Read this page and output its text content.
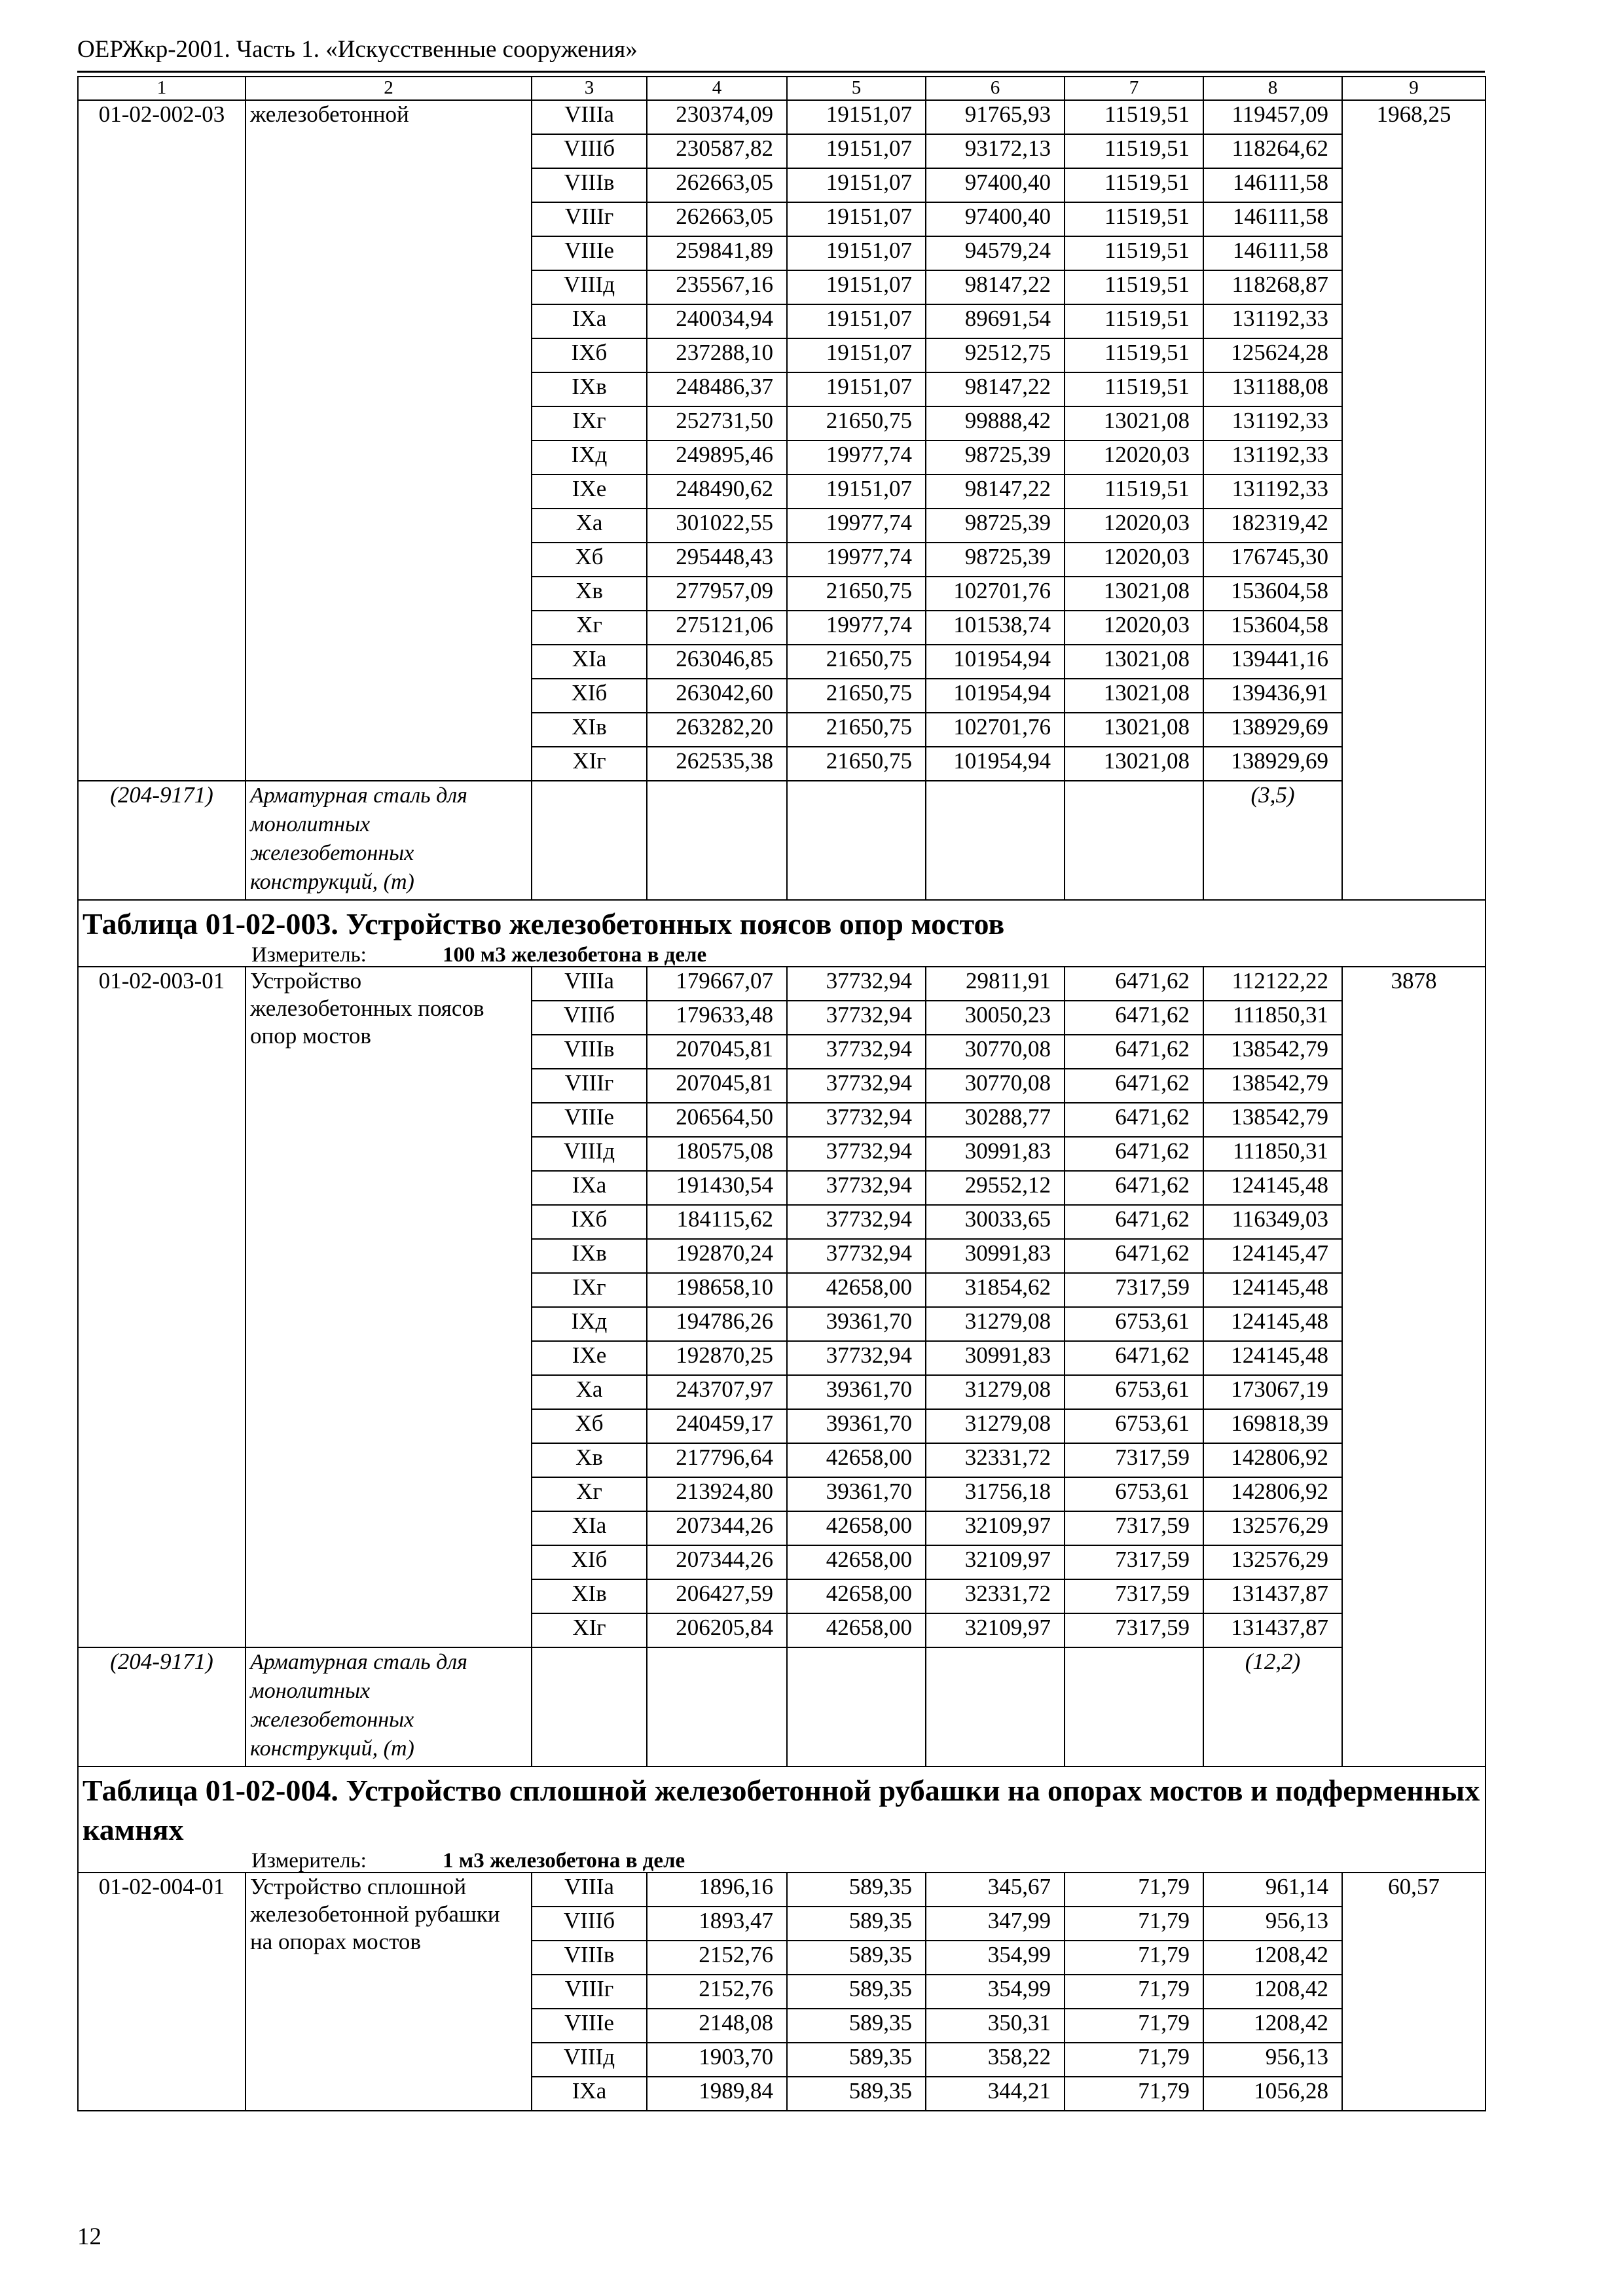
ОЕРЖкр-2001. Часть 1. «Искусственные сооружения»
1	2	3	4	5	6	7	8	9
01-02-002-03	железобетонной	VIIIа	230374,09	19151,07	91765,93	11519,51	119457,09	1968,25
		VIIIб	230587,82	19151,07	93172,13	11519,51	118264,62	
		VIIIв	262663,05	19151,07	97400,40	11519,51	146111,58	
		VIIIг	262663,05	19151,07	97400,40	11519,51	146111,58	
		VIIIе	259841,89	19151,07	94579,24	11519,51	146111,58	
		VIIIд	235567,16	19151,07	98147,22	11519,51	118268,87	
		IXа	240034,94	19151,07	89691,54	11519,51	131192,33	
		IXб	237288,10	19151,07	92512,75	11519,51	125624,28	
		IXв	248486,37	19151,07	98147,22	11519,51	131188,08	
		IXг	252731,50	21650,75	99888,42	13021,08	131192,33	
		IXд	249895,46	19977,74	98725,39	12020,03	131192,33	
		IXе	248490,62	19151,07	98147,22	11519,51	131192,33	
		Xа	301022,55	19977,74	98725,39	12020,03	182319,42	
		Xб	295448,43	19977,74	98725,39	12020,03	176745,30	
		Xв	277957,09	21650,75	102701,76	13021,08	153604,58	
		Xг	275121,06	19977,74	101538,74	12020,03	153604,58	
		XIа	263046,85	21650,75	101954,94	13021,08	139441,16	
		XIб	263042,60	21650,75	101954,94	13021,08	139436,91	
		XIв	263282,20	21650,75	102701,76	13021,08	138929,69	
		XIг	262535,38	21650,75	101954,94	13021,08	138929,69	
(204-9171)	Арматурная сталь для монолитных железобетонных конструкций, (т)						(3,5)	
Таблица 01-02-003. Устройство железобетонных поясов опор мостов								
Измеритель: 100 м3 железобетона в деле								
01-02-003-01	Устройство железобетонных поясов опор мостов	VIIIа	179667,07	37732,94	29811,91	6471,62	112122,22	3878
		VIIIб	179633,48	37732,94	30050,23	6471,62	111850,31	
		VIIIв	207045,81	37732,94	30770,08	6471,62	138542,79	
		VIIIг	207045,81	37732,94	30770,08	6471,62	138542,79	
		VIIIе	206564,50	37732,94	30288,77	6471,62	138542,79	
		VIIIд	180575,08	37732,94	30991,83	6471,62	111850,31	
		IXа	191430,54	37732,94	29552,12	6471,62	124145,48	
		IXб	184115,62	37732,94	30033,65	6471,62	116349,03	
		IXв	192870,24	37732,94	30991,83	6471,62	124145,47	
		IXг	198658,10	42658,00	31854,62	7317,59	124145,48	
		IXд	194786,26	39361,70	31279,08	6753,61	124145,48	
		IXе	192870,25	37732,94	30991,83	6471,62	124145,48	
		Xа	243707,97	39361,70	31279,08	6753,61	173067,19	
		Xб	240459,17	39361,70	31279,08	6753,61	169818,39	
		Xв	217796,64	42658,00	32331,72	7317,59	142806,92	
		Xг	213924,80	39361,70	31756,18	6753,61	142806,92	
		XIа	207344,26	42658,00	32109,97	7317,59	132576,29	
		XIб	207344,26	42658,00	32109,97	7317,59	132576,29	
		XIв	206427,59	42658,00	32331,72	7317,59	131437,87	
		XIг	206205,84	42658,00	32109,97	7317,59	131437,87	
(204-9171)	Арматурная сталь для монолитных железобетонных конструкций, (т)						(12,2)	
Таблица 01-02-004. Устройство сплошной железобетонной рубашки на опорах мостов и подферменных камнях								
Измеритель: 1 м3 железобетона в деле								
01-02-004-01	Устройство сплошной железобетонной рубашки на опорах мостов	VIIIа	1896,16	589,35	345,67	71,79	961,14	60,57
		VIIIб	1893,47	589,35	347,99	71,79	956,13	
		VIIIв	2152,76	589,35	354,99	71,79	1208,42	
		VIIIг	2152,76	589,35	354,99	71,79	1208,42	
		VIIIе	2148,08	589,35	350,31	71,79	1208,42	
		VIIIд	1903,70	589,35	358,22	71,79	956,13	
		IXа	1989,84	589,35	344,21	71,79	1056,28	
12
